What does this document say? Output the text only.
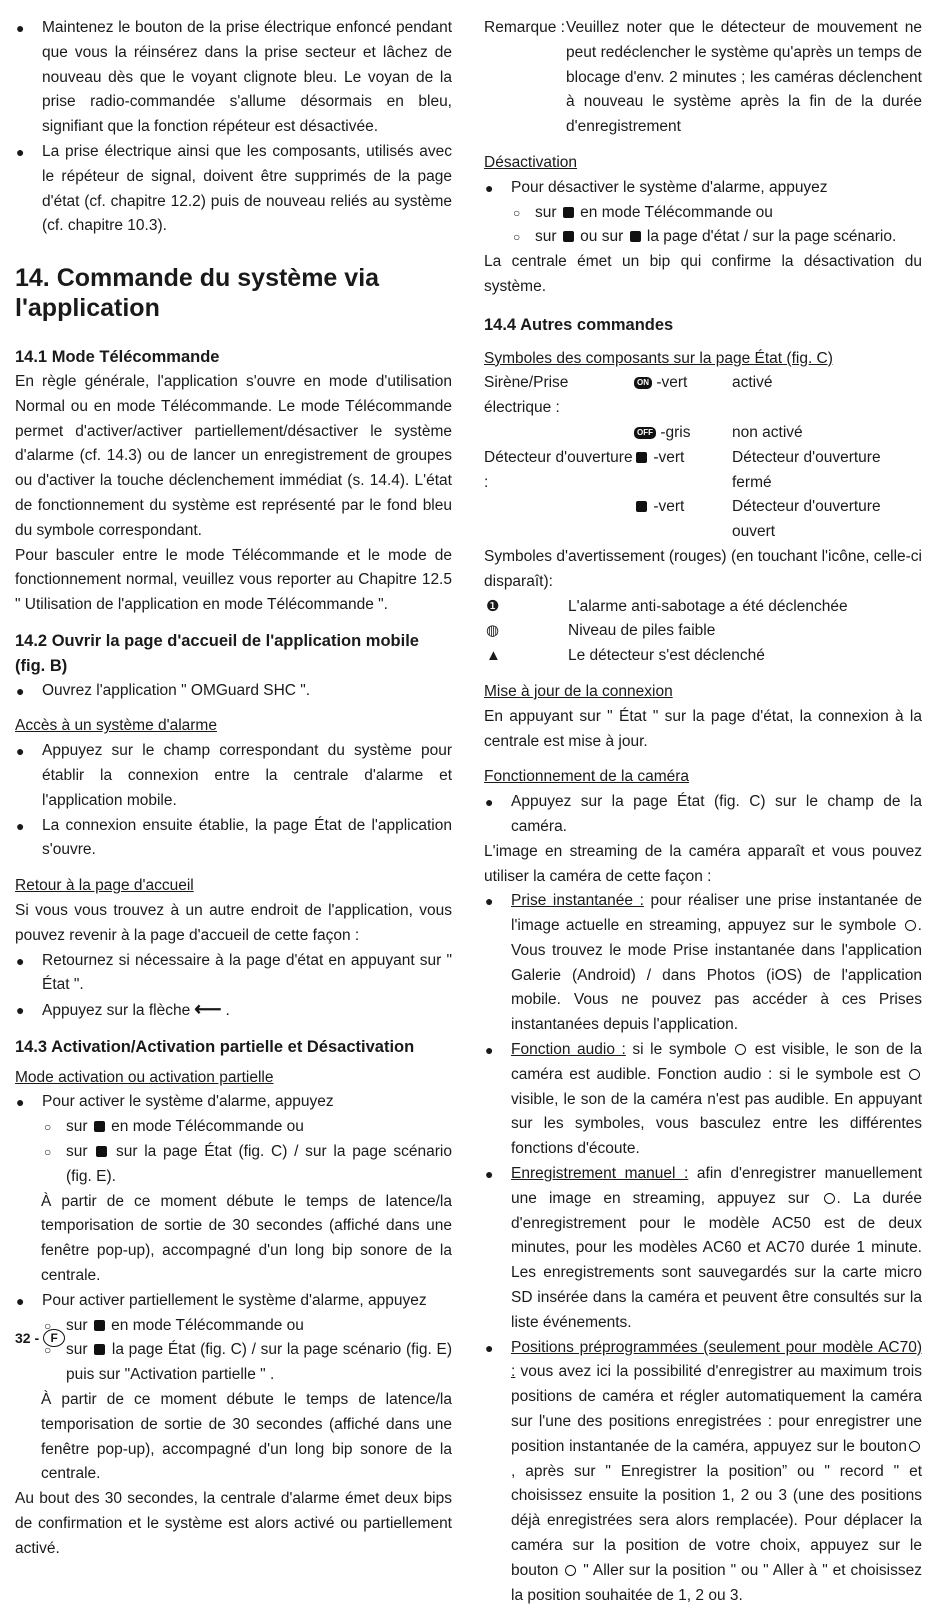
●	Maintenez le bouton de la prise électrique enfoncé pendant que vous la réinsérez dans la prise secteur et lâchez de nouveau dès que le voyant clignote bleu. Le voyan de la prise radio-commandée s'allume désormais en bleu, signifiant que la fonction répéteur est désactivée.
●	La prise électrique ainsi que les composants, utilisés avec le répéteur de signal, doivent être supprimés de la page d'état (cf. chapitre 12.2) puis de nouveau reliés au système (cf. chapitre 10.3).
14. Commande du système via l'application
14.1 Mode Télécommande

En règle générale, l'application s'ouvre en mode d'utilisation Normal ou en mode Télécommande. Le mode Télécommande permet d'activer/activer partiellement/désactiver le système d'alarme (cf. 14.3) ou de lancer un enregistrement de groupes ou d'activer la touche déclenchement immédiat (s. 14.4). L'état de fonctionnement du système est représenté par le fond bleu du symbole correspondant.

Pour basculer entre le mode Télécommande et le mode de fonctionnement normal, veuillez vous reporter au Chapitre 12.5 " Utilisation de l'application en mode Télécommande ".

14.2 Ouvrir la page d'accueil de l'application mobile (fig. B)
●	Ouvrez l'application " OMGuard SHC ".

Accès à un système d'alarme

●	Appuyez sur le champ correspondant du système pour établir la connexion entre la centrale d'alarme et l'application mobile.
●	La connexion ensuite établie, la page État de l'application s'ouvre.

Retour à la page d'accueil

Si vous vous trouvez à un autre endroit de l'application, vous pouvez revenir à la page d'accueil de cette façon :

●	Retournez si nécessaire à la page d'état en appuyant sur " État ".
●	Appuyez sur la flèche ⟵ .
14.3 Activation/Activation partielle et Désactivation

Mode activation ou activation partielle

●	Pour activer le système d'alarme, appuyez
○ sur en mode Télécommande ou
○ sur sur la page État (fig. C) / sur la page scénario (fig. E).

À partir de ce moment débute le temps de latence/la temporisation de sortie de 30 secondes (affiché dans une fenêtre pop-up), accompagné d'un long bip sonore de la centrale.

●	Pour activer partiellement le système d'alarme, appuyez
○ sur en mode Télécommande ou
○ sur la page État (fig. C) / sur la page scénario (fig. E) puis sur "Activation partielle " .

À partir de ce moment débute le temps de latence/la temporisation de sortie de 30 secondes (affiché dans une fenêtre pop-up), accompagné d'un long bip sonore de la centrale.

Au bout des 30 secondes, la centrale d'alarme émet deux bips de confirmation et le système est alors activé ou partiellement activé.

Remarque : Veuillez noter que le détecteur de mouvement ne peut redéclencher le système qu'après un temps de blocage d'env. 2 minutes ; les caméras déclenchent à nouveau le système après la fin de la durée d'enregistrement

Désactivation

●	Pour désactiver le système d'alarme, appuyez
○ sur en mode Télécommande ou
○ sur ou sur la page d'état / sur la page scénario.

La centrale émet un bip qui confirme la désactivation du système.

14.4 Autres commandes

Symboles des composants sur la page État (fig. C)

Sirène/Prise électrique :
ON -vert	activé
OFF -gris	non activé
Détecteur d'ouverture :
-vert	Détecteur d'ouverture fermé
-vert	Détecteur d'ouverture ouvert

Symboles d'avertissement (rouges) (en touchant l'icône, celle-ci disparaît):

❶	L'alarme anti-sabotage a été déclenchée
◍	Niveau de piles faible
▲	Le détecteur s'est déclenché

Mise à jour de la connexion

En appuyant sur " État " sur la page d'état, la connexion à la centrale est mise à jour.

Fonctionnement de la caméra

●	Appuyez sur la page État (fig. C) sur le champ de la caméra.

L'image en streaming de la caméra apparaît et vous pouvez utiliser la caméra de cette façon :

●	Prise instantanée : pour réaliser une prise instantanée de l'image actuelle en streaming, appuyez sur le symbole . Vous trouvez le mode Prise instantanée dans l'application Galerie (Android) / dans Photos (iOS) de l'application mobile. Vous ne pouvez pas accéder à ces Prises instantanées depuis l'application.
●	Fonction audio : si le symbole  est visible, le son de la caméra est audible. Fonction audio : si le symbole est  visible, le son de la caméra n'est pas audible. En appuyant sur les symboles, vous basculez entre les différentes fonctions d'écoute.
●	Enregistrement manuel : afin d'enregistrer manuellement une image en streaming, appuyez sur . La durée d'enregistrement pour le modèle AC50 est de deux minutes, pour les modèles AC60 et AC70 durée 1 minute. Les enregistrements sont sauvegardés sur la carte micro SD insérée dans la caméra et peuvent être consultés sur la liste événements.
●	Positions préprogrammées (seulement pour modèle AC70) : vous avez ici la possibilité d'enregistrer au maximum trois positions de caméra et régler automatiquement la caméra sur l'une des positions enregistrées : pour enregistrer une position instantanée de la caméra, appuyez sur le bouton, après sur " Enregistrer la position” ou " record " et choisissez ensuite la position 1, 2 ou 3 (une des positions déjà enregistrées sera alors remplacée). Pour déplacer la caméra sur la position de votre choix, appuyez sur le bouton  " Aller sur la position " ou " Aller à " et choisissez la position souhaitée de 1, 2 ou 3.
32 - F
